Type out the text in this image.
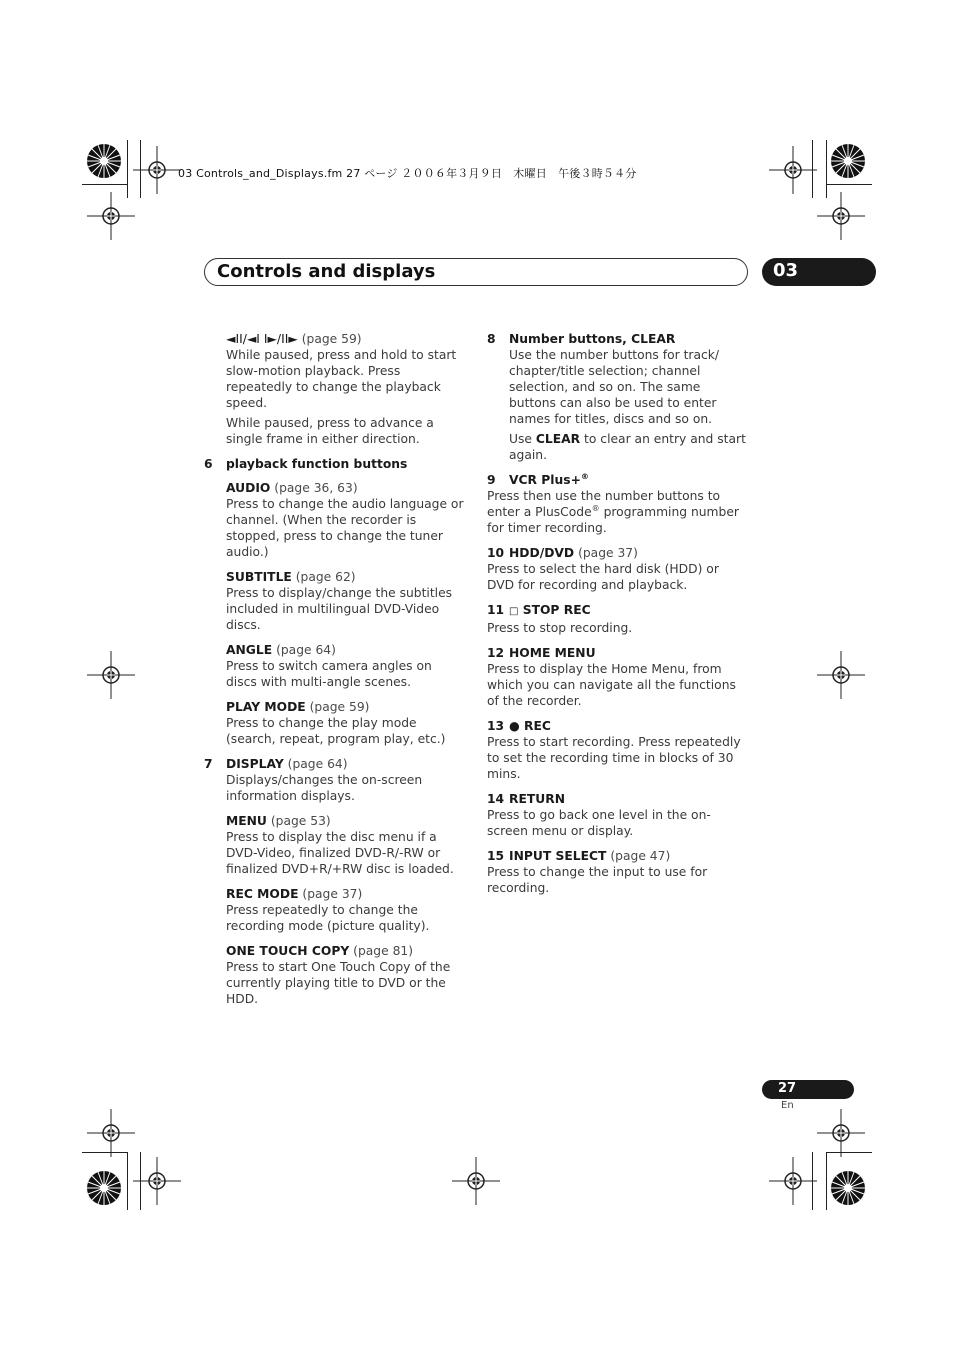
03 Controls_and_Displays.fm 27 ページ ２００６年３月９日　木曜日　午後３時５４分
Controls and displays	03
◄II/◄I I►/II► (page 59)

While paused, press and hold to start slow-motion playback. Press repeatedly to change the playback speed.

While paused, press to advance a single frame in either direction.

6 playback function buttons
AUDIO (page 36, 63)

Press to change the audio language or channel. (When the recorder is stopped, press to change the tuner audio.)

SUBTITLE (page 62)

Press to display/change the subtitles included in multilingual DVD-Video discs.

ANGLE (page 64)

Press to switch camera angles on discs with multi-angle scenes.

PLAY MODE (page 59)

Press to change the play mode (search, repeat, program play, etc.)

7 DISPLAY (page 64)

Displays/changes the on-screen information displays.

MENU (page 53)

Press to display the disc menu if a DVD-Video, finalized DVD-R/-RW or finalized DVD+R/+RW disc is loaded.

REC MODE (page 37)

Press repeatedly to change the recording mode (picture quality).

ONE TOUCH COPY (page 81)

Press to start One Touch Copy of the currently playing title to DVD or the HDD.

8 Number buttons, CLEAR

Use the number buttons for track/ chapter/title selection; channel selection, and so on. The same buttons can also be used to enter names for titles, discs and so on.

Use CLEAR to clear an entry and start again.

9 VCR Plus+®

Press then use the number buttons to enter a PlusCode® programming number for timer recording.

10 HDD/DVD (page 37)

Press to select the hard disk (HDD) or DVD for recording and playback.

11 □ STOP REC

Press to stop recording.

12 HOME MENU

Press to display the Home Menu, from which you can navigate all the functions of the recorder.

13 ● REC

Press to start recording. Press repeatedly to set the recording time in blocks of 30 mins.

14 RETURN

Press to go back one level in the on-screen menu or display.

15 INPUT SELECT (page 47)

Press to change the input to use for recording.

27
En
